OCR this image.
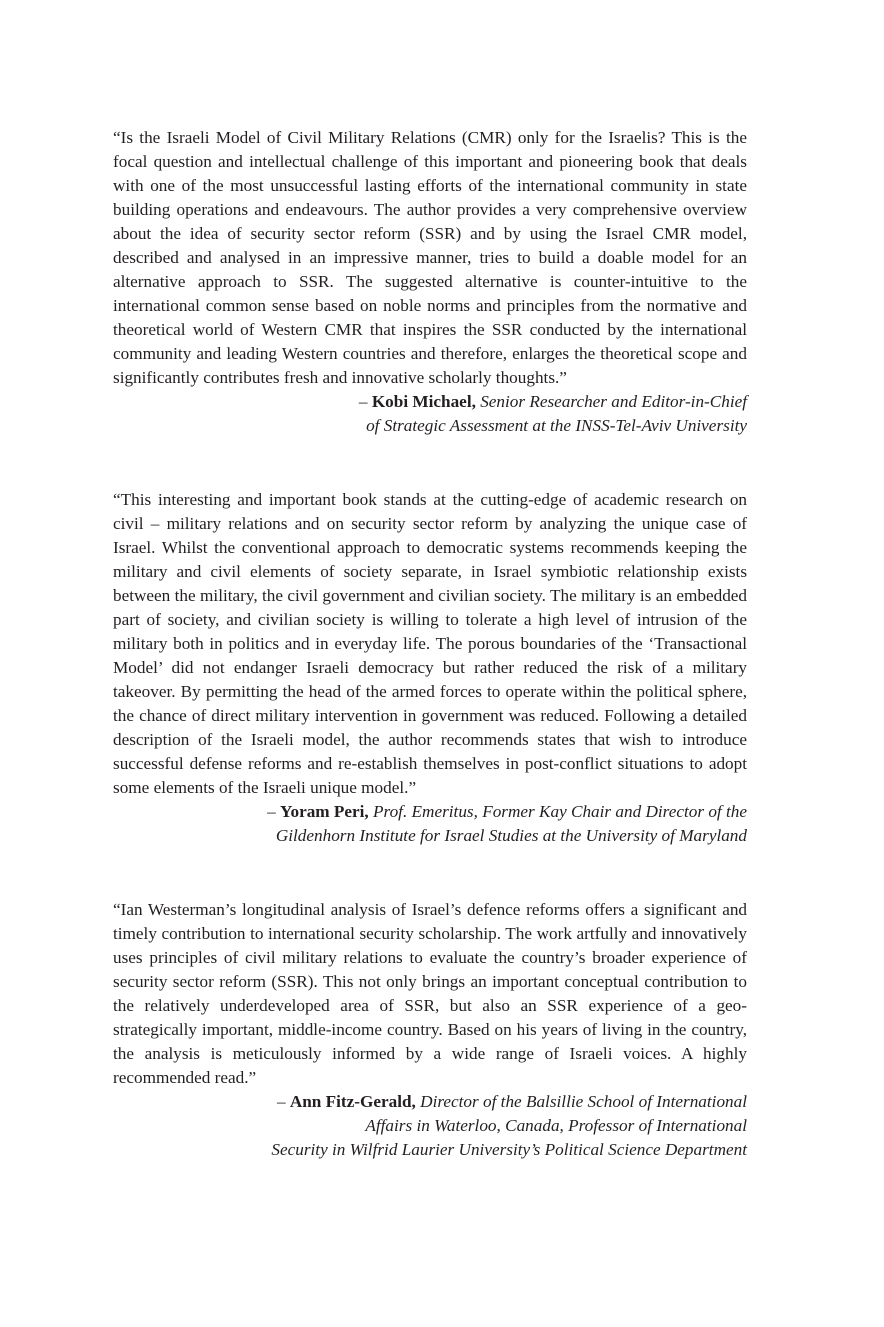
“Is the Israeli Model of Civil Military Relations (CMR) only for the Israelis? This is the focal question and intellectual challenge of this important and pioneering book that deals with one of the most unsuccessful lasting efforts of the international community in state building operations and endeavours. The author provides a very comprehensive overview about the idea of security sector reform (SSR) and by using the Israel CMR model, described and analysed in an impressive manner, tries to build a doable model for an alternative approach to SSR. The suggested alternative is counter-intuitive to the international common sense based on noble norms and principles from the normative and theoretical world of Western CMR that inspires the SSR conducted by the international community and leading Western countries and therefore, enlarges the theoretical scope and significantly contributes fresh and innovative scholarly thoughts.”

– Kobi Michael, Senior Researcher and Editor-in-Chief
of Strategic Assessment at the INSS-Tel-Aviv University

“This interesting and important book stands at the cutting-edge of academic research on civil – military relations and on security sector reform by analyzing the unique case of Israel. Whilst the conventional approach to democratic systems recommends keeping the military and civil elements of society separate, in Israel symbiotic relationship exists between the military, the civil government and civilian society. The military is an embedded part of society, and civilian society is willing to tolerate a high level of intrusion of the military both in politics and in everyday life. The porous boundaries of the ‘Transactional Model’ did not endanger Israeli democracy but rather reduced the risk of a military takeover. By permitting the head of the armed forces to operate within the political sphere, the chance of direct military intervention in government was reduced. Following a detailed description of the Israeli model, the author recommends states that wish to introduce successful defense reforms and re-establish themselves in post-conflict situations to adopt some elements of the Israeli unique model.”

– Yoram Peri, Prof. Emeritus, Former Kay Chair and Director of the
Gildenhorn Institute for Israel Studies at the University of Maryland

“Ian Westerman’s longitudinal analysis of Israel’s defence reforms offers a significant and timely contribution to international security scholarship. The work artfully and innovatively uses principles of civil military relations to evaluate the country’s broader experience of security sector reform (SSR). This not only brings an important conceptual contribution to the relatively underdeveloped area of SSR, but also an SSR experience of a geo-strategically important, middle-income country. Based on his years of living in the country, the analysis is meticulously informed by a wide range of Israeli voices. A highly recommended read.”

– Ann Fitz-Gerald, Director of the Balsillie School of International
Affairs in Waterloo, Canada, Professor of International
Security in Wilfrid Laurier University’s Political Science Department
